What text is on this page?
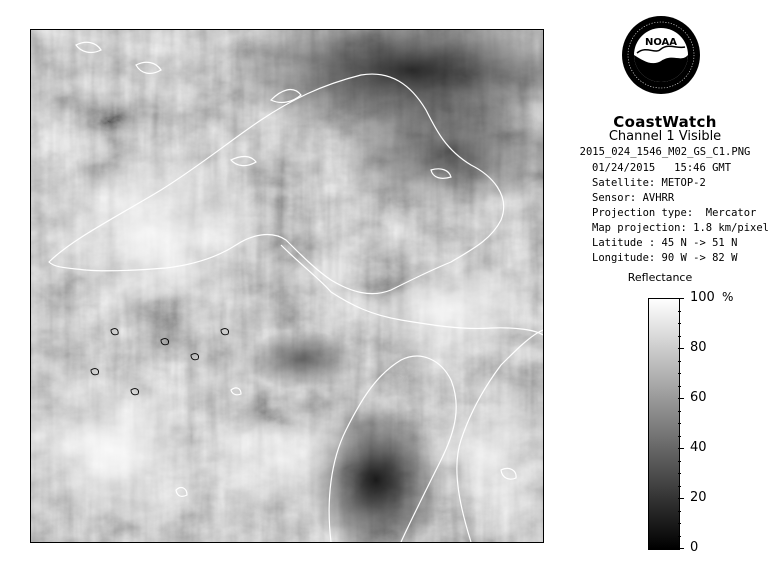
NOAA
CoastWatch
Channel 1 Visible
2015_024_1546_M02_GS_C1.PNG
01/24/2015   15:46 GMT
Satellite: METOP-2
Sensor: AVHRR
Projection type:  Mercator
Map projection: 1.8 km/pixel
Latitude : 45 N -> 51 N
Longitude: 90 W -> 82 W
Reflectance
%
100
80
60
40
20
0
